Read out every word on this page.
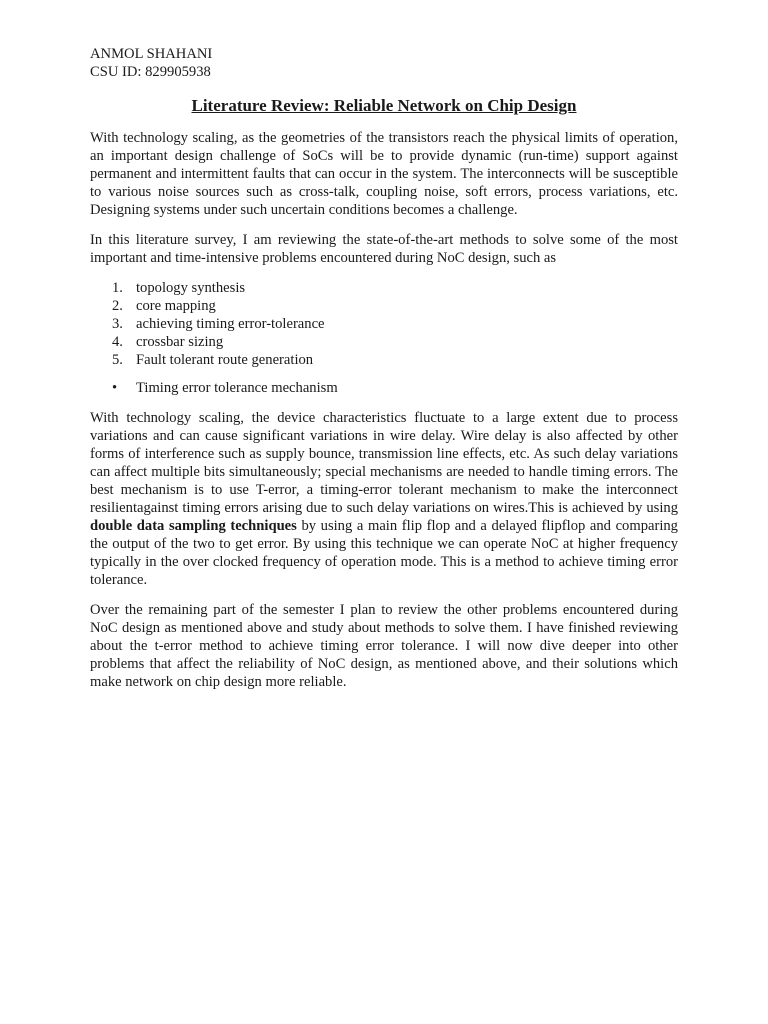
ANMOL SHAHANI

CSU ID: 829905938

Literature Review: Reliable Network on Chip Design

With technology scaling, as the geometries of the transistors reach the physical limits of operation, an important design challenge of SoCs will be to provide dynamic (run-time) support against permanent and intermittent faults that can occur in the system. The interconnects will be susceptible to various noise sources such as cross-talk, coupling noise, soft errors, process variations, etc. Designing systems under such uncertain conditions becomes a challenge.

In this literature survey, I am reviewing the state-of-the-art methods to solve some of the most important and time-intensive problems encountered during NoC design, such as

1. topology synthesis
2. core mapping
3. achieving timing error-tolerance
4. crossbar sizing
5. Fault tolerant route generation
•	Timing error tolerance mechanism

With technology scaling, the device characteristics fluctuate to a large extent due to process variations and can cause significant variations in wire delay. Wire delay is also affected by other forms of interference such as supply bounce, transmission line effects, etc. As such delay variations can affect multiple bits simultaneously; special mechanisms are needed to handle timing errors. The best mechanism is to use T-error, a timing-error tolerant mechanism to make the interconnect resilientagainst timing errors arising due to such delay variations on wires.This is achieved by using double data sampling techniques by using a main flip flop and a delayed flipflop and comparing the output of the two to get error. By using this technique we can operate NoC at higher frequency typically in the over clocked frequency of operation mode. This is a method to achieve timing error tolerance.

Over the remaining part of the semester I plan to review the other problems encountered during NoC design as mentioned above and study about methods to solve them. I have finished reviewing about the t-error method to achieve timing error tolerance. I will now dive deeper into other problems that affect the reliability of NoC design, as mentioned above, and their solutions which make network on chip design more reliable.
